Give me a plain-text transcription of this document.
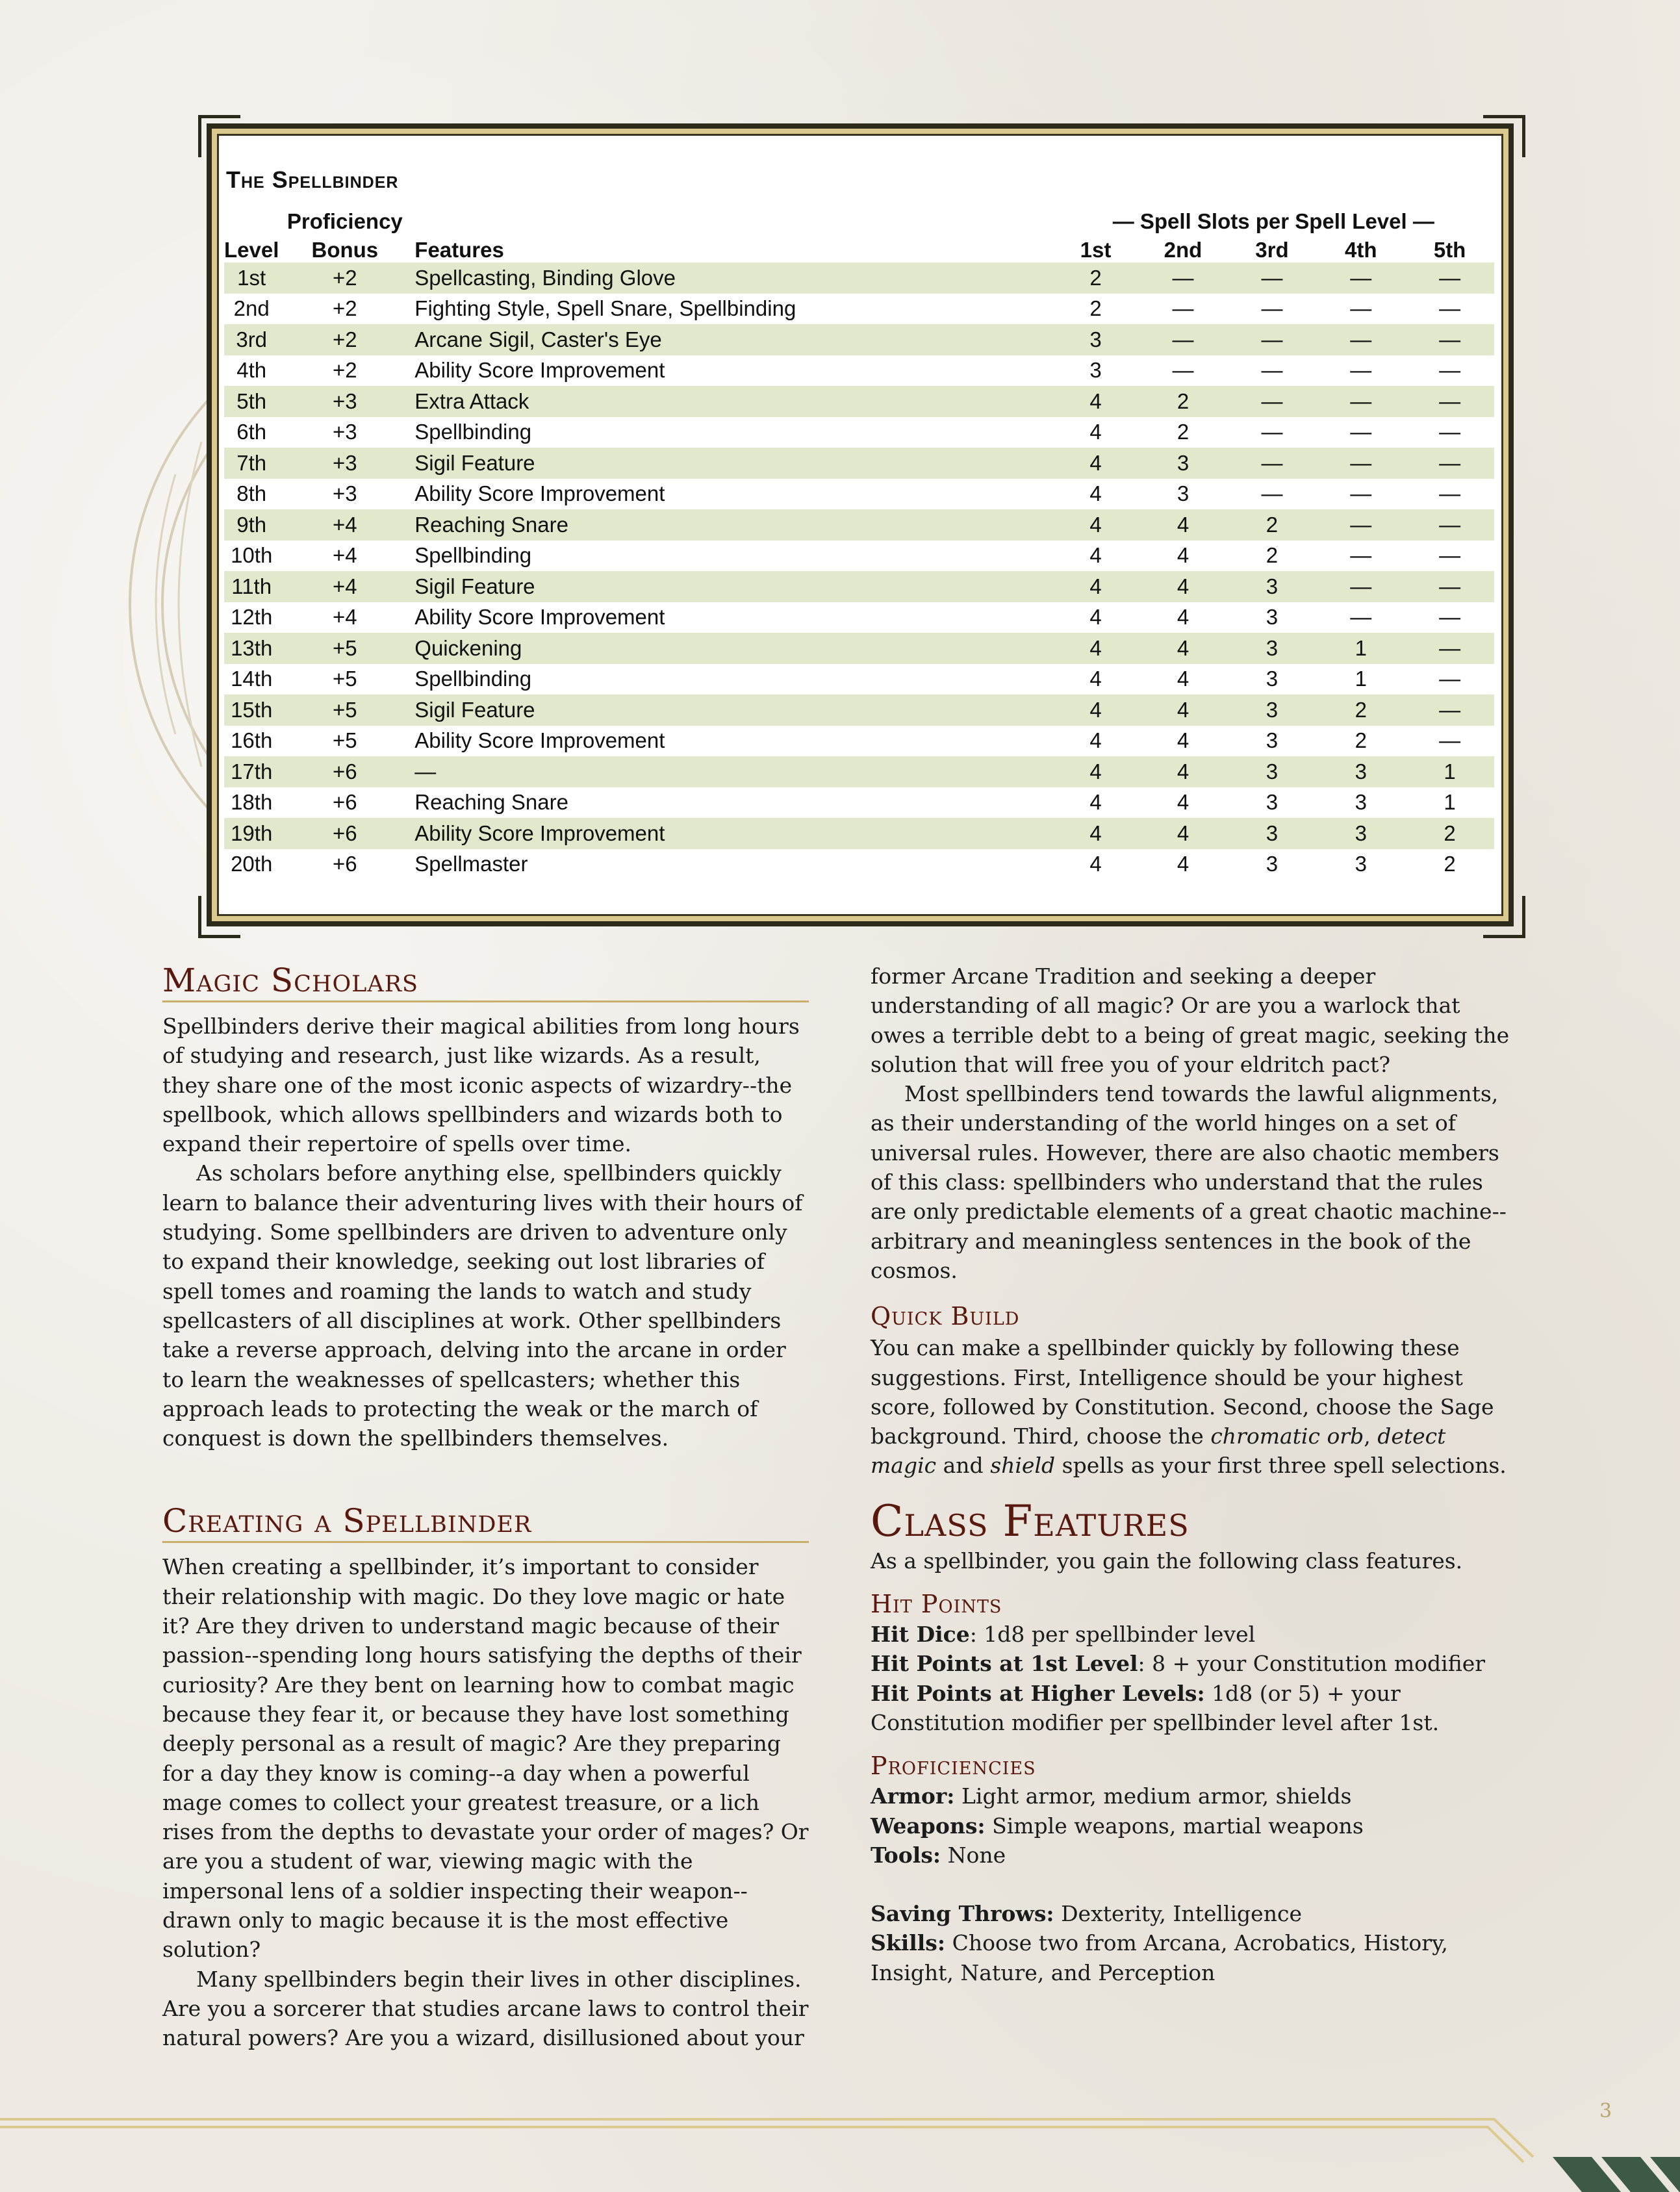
The Spellbinder
	Proficiency		— Spell Slots per Spell Level —				
Level	Bonus	Features	1st	2nd	3rd	4th	5th
1st	+2	Spellcasting, Binding Glove	2	—	—	—	—
2nd	+2	Fighting Style, Spell Snare, Spellbinding	2	—	—	—	—
3rd	+2	Arcane Sigil, Caster's Eye	3	—	—	—	—
4th	+2	Ability Score Improvement	3	—	—	—	—
5th	+3	Extra Attack	4	2	—	—	—
6th	+3	Spellbinding	4	2	—	—	—
7th	+3	Sigil Feature	4	3	—	—	—
8th	+3	Ability Score Improvement	4	3	—	—	—
9th	+4	Reaching Snare	4	4	2	—	—
10th	+4	Spellbinding	4	4	2	—	—
11th	+4	Sigil Feature	4	4	3	—	—
12th	+4	Ability Score Improvement	4	4	3	—	—
13th	+5	Quickening	4	4	3	1	—
14th	+5	Spellbinding	4	4	3	1	—
15th	+5	Sigil Feature	4	4	3	2	—
16th	+5	Ability Score Improvement	4	4	3	2	—
17th	+6	—	4	4	3	3	1
18th	+6	Reaching Snare	4	4	3	3	1
19th	+6	Ability Score Improvement	4	4	3	3	2
20th	+6	Spellmaster	4	4	3	3	2
Magic Scholars

Spellbinders derive their magical abilities from long hours of studying and research, just like wizards. As a result, they share one of the most iconic aspects of wizardry--the spellbook, which allows spellbinders and wizards both to expand their repertoire of spells over time.

As scholars before anything else, spellbinders quickly learn to balance their adventuring lives with their hours of studying. Some spellbinders are driven to adventure only to expand their knowledge, seeking out lost libraries of spell tomes and roaming the lands to watch and study spellcasters of all disciplines at work. Other spellbinders take a reverse approach, delving into the arcane in order to learn the weaknesses of spellcasters; whether this approach leads to protecting the weak or the march of conquest is down the spellbinders themselves.

Creating a Spellbinder

When creating a spellbinder, it’s important to consider their relationship with magic. Do they love magic or hate it? Are they driven to understand magic because of their passion--spending long hours satisfying the depths of their curiosity? Are they bent on learning how to combat magic because they fear it, or because they have lost something deeply personal as a result of magic? Are they preparing for a day they know is coming--a day when a powerful mage comes to collect your greatest treasure, or a lich rises from the depths to devastate your order of mages? Or are you a student of war, viewing magic with the impersonal lens of a soldier inspecting their weapon--drawn only to magic because it is the most effective solution?

Many spellbinders begin their lives in other disciplines. Are you a sorcerer that studies arcane laws to control their natural powers? Are you a wizard, disillusioned about your

former Arcane Tradition and seeking a deeper understanding of all magic? Or are you a warlock that owes a terrible debt to a being of great magic, seeking the solution that will free you of your eldritch pact?

Most spellbinders tend towards the lawful alignments, as their understanding of the world hinges on a set of universal rules. However, there are also chaotic members of this class: spellbinders who understand that the rules are only predictable elements of a great chaotic machine--arbitrary and meaningless sentences in the book of the cosmos.

Quick Build

You can make a spellbinder quickly by following these suggestions. First, Intelligence should be your highest score, followed by Constitution. Second, choose the Sage background. Third, choose the chromatic orb, detect magic and shield spells as your first three spell selections.

Class Features

As a spellbinder, you gain the following class features.

Hit Points

Hit Dice: 1d8 per spellbinder level

Hit Points at 1st Level: 8 + your Constitution modifier

Hit Points at Higher Levels: 1d8 (or 5) + your Constitution modifier per spellbinder level after 1st.

Proficiencies

Armor: Light armor, medium armor, shields

Weapons: Simple weapons, martial weapons

Tools: None

Saving Throws: Dexterity, Intelligence

Skills: Choose two from Arcana, Acrobatics, History, Insight, Nature, and Perception

3
